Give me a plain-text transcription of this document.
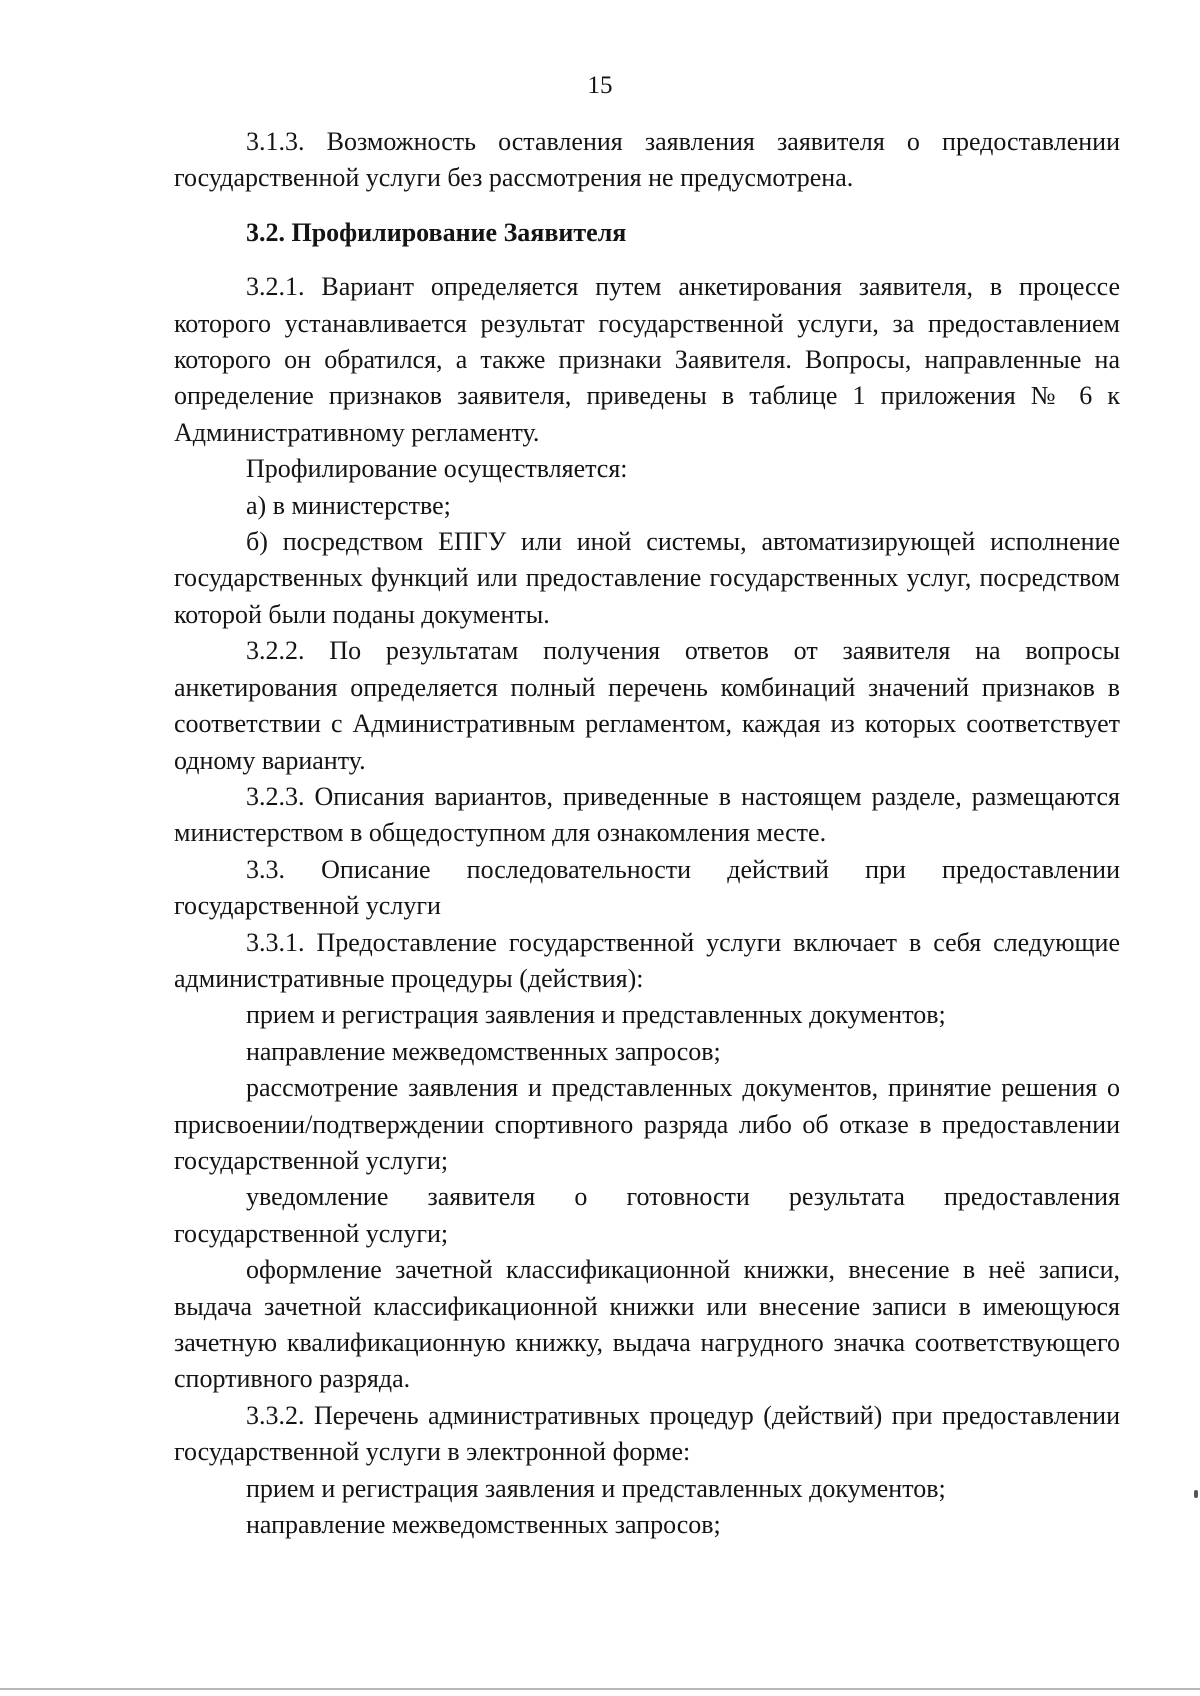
15

3.1.3. Возможность оставления заявления заявителя о предоставлении государственной услуги без рассмотрения не предусмотрена.

3.2. Профилирование Заявителя

3.2.1. Вариант определяется путем анкетирования заявителя, в процессе которого устанавливается результат государственной услуги, за предоставлением которого он обратился, а также признаки Заявителя. Вопросы, направленные на определение признаков заявителя, приведены в таблице 1 приложения № 6 к Административному регламенту.

Профилирование осуществляется:

а) в министерстве;

б) посредством ЕПГУ или иной системы, автоматизирующей исполнение государственных функций или предоставление государственных услуг, посредством которой были поданы документы.

3.2.2. По результатам получения ответов от заявителя на вопросы анкетирования определяется полный перечень комбинаций значений признаков в соответствии с Административным регламентом, каждая из которых соответствует одному варианту.

3.2.3. Описания вариантов, приведенные в настоящем разделе, размещаются министерством в общедоступном для ознакомления месте.

3.3. Описание последовательности действий при предоставлении государственной услуги

3.3.1. Предоставление государственной услуги включает в себя следующие административные процедуры (действия):

прием и регистрация заявления и представленных документов;

направление межведомственных запросов;

рассмотрение заявления и представленных документов, принятие решения о присвоении/подтверждении спортивного разряда либо об отказе в предоставлении государственной услуги;

уведомление заявителя о готовности результата предоставления государственной услуги;

оформление зачетной классификационной книжки, внесение в неё записи, выдача зачетной классификационной книжки или внесение записи в имеющуюся зачетную квалификационную книжку, выдача нагрудного значка соответствующего спортивного разряда.

3.3.2. Перечень административных процедур (действий) при предоставлении государственной услуги в электронной форме:

прием и регистрация заявления и представленных документов;

направление межведомственных запросов;
